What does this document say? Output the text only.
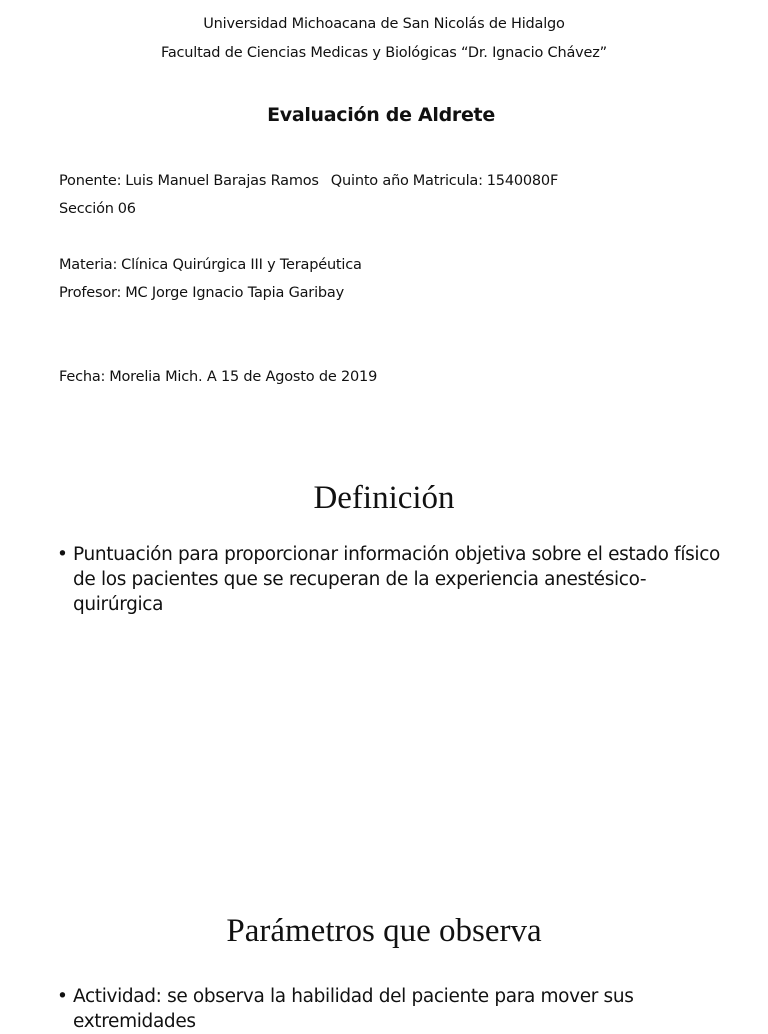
Universidad Michoacana de San Nicolás de Hidalgo
Facultad de Ciencias Medicas y Biológicas “Dr. Ignacio Chávez”
Evaluación de Aldrete
Ponente: Luis Manuel Barajas Ramos Quinto año Matricula: 1540080F
Sección 06
Materia: Clínica Quirúrgica III y Terapéutica
Profesor: MC Jorge Ignacio Tapia Garibay
Fecha: Morelia Mich. A 15 de Agosto de 2019
Definición
• Puntuación para proporcionar información objetiva sobre el estado físico de los pacientes que se recuperan de la experiencia anestésico-quirúrgica
Parámetros que observa
• Actividad: se observa la habilidad del paciente para mover sus extremidades
